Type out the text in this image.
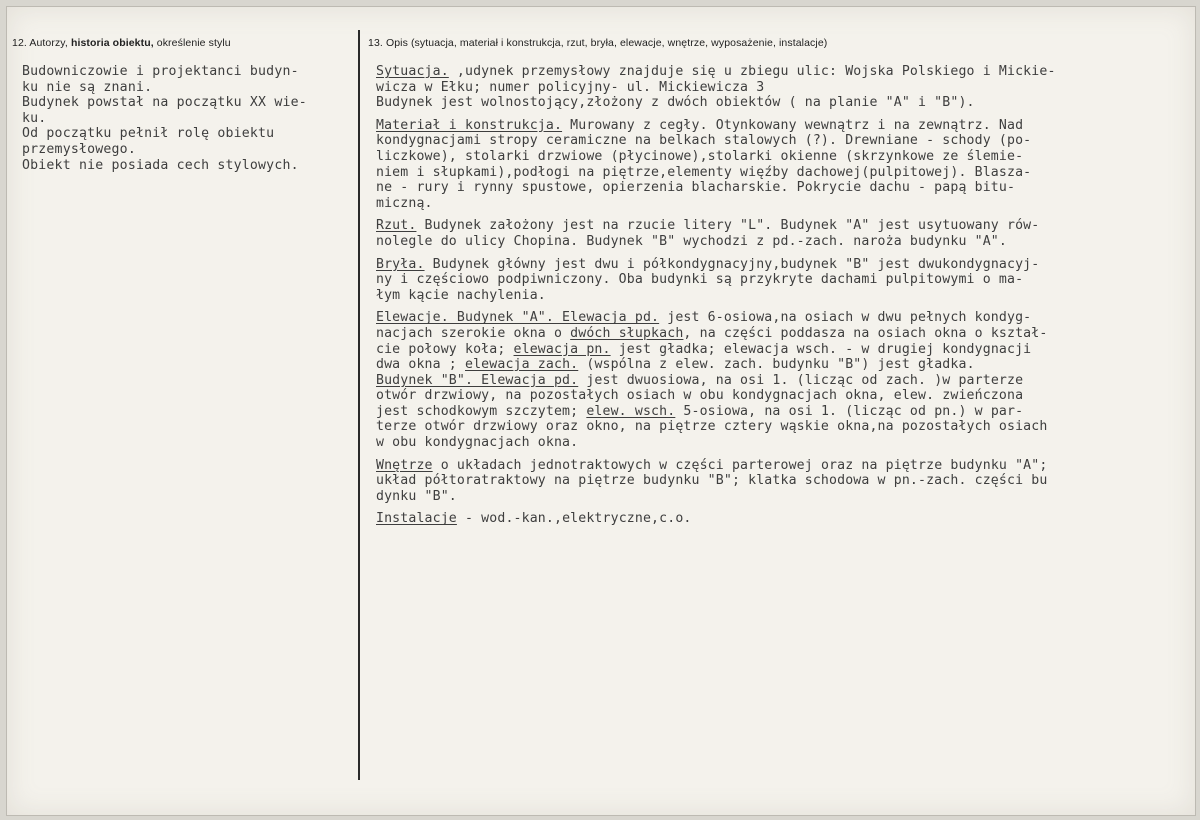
12. Autorzy, historia obiektu, określenie stylu	13. Opis (sytuacja, materiał i konstrukcja, rzut, bryła, elewacje, wnętrze, wyposażenie, instalacje)
Budowniczowie i projektanci budyn-
ku nie są znani.
Budynek powstał na początku XX wie-
ku.
Od początku pełnił rolę obiektu
przemysłowego.
Obiekt nie posiada cech stylowych.
Sytuacja. ,udynek przemysłowy znajduje się u zbiegu ulic: Wojska Polskiego i Mickie-
wicza w Ełku; numer policyjny- ul. Mickiewicza 3
Budynek jest wolnostojący,złożony z dwóch obiektów ( na planie "A" i "B").
Materiał i konstrukcja. Murowany z cegły. Otynkowany wewnątrz i na zewnątrz. Nad
kondygnacjami stropy ceramiczne na belkach stalowych (?). Drewniane - schody (po-
liczkowe), stolarki drzwiowe (płycinowe),stolarki okienne (skrzynkowe ze ślemie-
niem i słupkami),podłogi na piętrze,elementy więźby dachowej(pulpitowej). Blasza-
ne - rury i rynny spustowe, opierzenia blacharskie. Pokrycie dachu - papą bitu-
miczną.
Rzut. Budynek założony jest na rzucie litery "L". Budynek "A" jest usytuowany rów-
nolegle do ulicy Chopina. Budynek "B" wychodzi z pd.-zach. naroża budynku "A".
Bryła. Budynek główny jest dwu i półkondygnacyjny,budynek "B" jest dwukondygnacyj-
ny i częściowo podpiwniczony. Oba budynki są przykryte dachami pulpitowymi o ma-
łym kącie nachylenia.
Elewacje. Budynek "A". Elewacja pd. jest 6-osiowa,na osiach w dwu pełnych kondyg-
nacjach szerokie okna o dwóch słupkach, na części poddasza na osiach okna o kształ-
cie połowy koła; elewacja pn. jest gładka; elewacja wsch. - w drugiej kondygnacji
dwa okna ; elewacja zach. (wspólna z elew. zach. budynku "B") jest gładka.
Budynek "B". Elewacja pd. jest dwuosiowa, na osi 1. (licząc od zach. )w parterze
otwór drzwiowy, na pozostałych osiach w obu kondygnacjach okna, elew. zwieńczona
jest schodkowym szczytem; elew. wsch. 5-osiowa, na osi 1. (licząc od pn.) w par-
terze otwór drzwiowy oraz okno, na piętrze cztery wąskie okna,na pozostałych osiach
w obu kondygnacjach okna.
Wnętrze o układach jednotraktowych w części parterowej oraz na piętrze budynku "A";
układ półtoratraktowy na piętrze budynku "B"; klatka schodowa w pn.-zach. części bu
dynku "B".
Instalacje - wod.-kan.,elektryczne,c.o.
